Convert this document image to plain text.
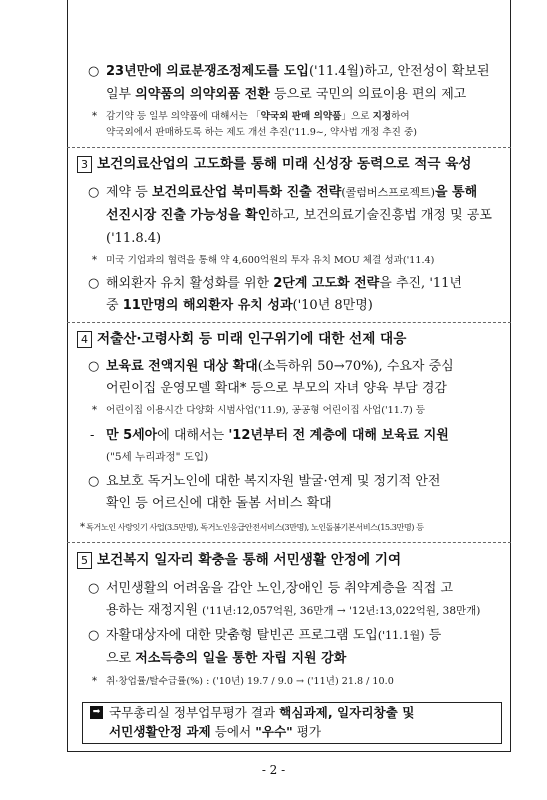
○ 23년만에 의료분쟁조정제도를 도입('11.4월)하고, 안전성이 확보된
일부 의약품의 의약외품 전환 등으로 국민의 의료이용 편의 제고
* 감기약 등 일부 의약품에 대해서는 「약국외 판매 의약품」으로 지정하여
약국외에서 판매하도록 하는 제도 개선 추진('11.9~, 약사법 개정 추진 중)
3 보건의료산업의 고도화를 통해 미래 신성장 동력으로 적극 육성
○ 제약 등 보건의료산업 북미특화 진출 전략(콜럼버스프로젝트)을 통해
선진시장 진출 가능성을 확인하고, 보건의료기술진흥법 개정 및 공포
('11.8.4)
* 미국 기업과의 협력을 통해 약 4,600억원의 투자 유치 MOU 체결 성과('11.4)
○ 해외환자 유치 활성화를 위한 2단계 고도화 전략을 추진, '11년
중 11만명의 해외환자 유치 성과('10년 8만명)
4 저출산·고령사회 등 미래 인구위기에 대한 선제 대응
○ 보육료 전액지원 대상 확대(소득하위 50→70%), 수요자 중심
어린이집 운영모델 확대* 등으로 부모의 자녀 양육 부담 경감
* 어린이집 이용시간 다양화 시범사업('11.9), 공공형 어린이집 사업('11.7) 등
- 만 5세아에 대해서는 '12년부터 전 계층에 대해 보육료 지원
("5세 누리과정" 도입)
○ 요보호 독거노인에 대한 복지자원 발굴·연계 및 정기적 안전
확인 등 어르신에 대한 돌봄 서비스 확대
* 독거노인 사랑잇기 사업(3.5만명), 독거노인응급안전서비스(3만명), 노인돌봄기본서비스(15.3만명) 등
5 보건복지 일자리 확충을 통해 서민생활 안정에 기여
○ 서민생활의 어려움을 감안 노인,장애인 등 취약계층을 직접 고
용하는 재정지원 ('11년:12,057억원, 36만개 → '12년:13,022억원, 38만개)
○ 자활대상자에 대한 맞춤형 탈빈곤 프로그램 도입('11.1월) 등
으로 저소득층의 일을 통한 자립 지원 강화
* 취·창업률/탈수급률(%) : ('10년) 19.7 / 9.0 → ('11년) 21.8 / 10.0
➡ 국무총리실 정부업무평가 결과 핵심과제, 일자리창출 및
서민생활안정 과제 등에서 "우수" 평가
- 2 -
